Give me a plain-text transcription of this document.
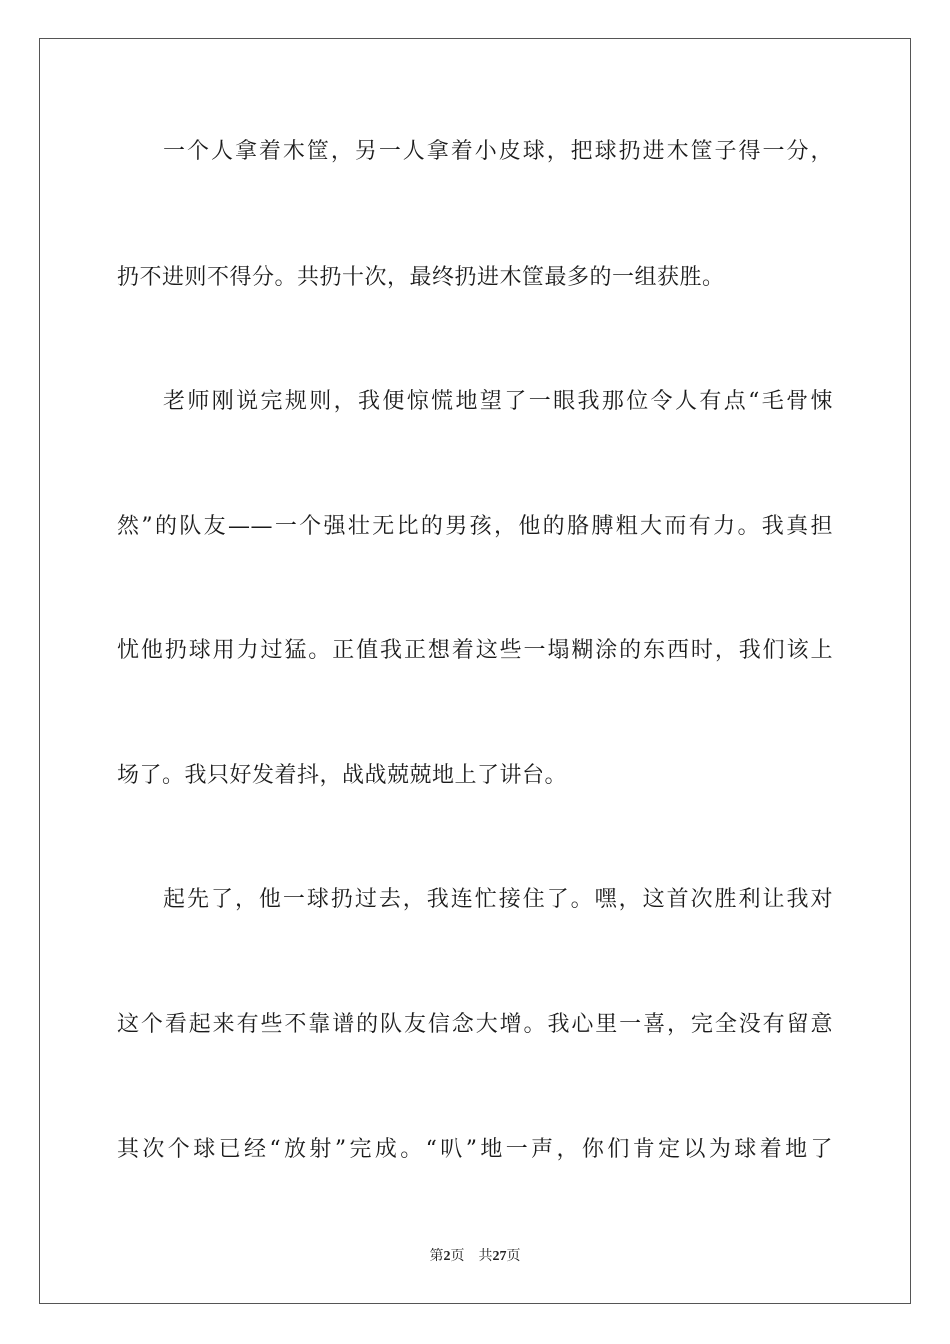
一个人拿着木筐，另一人拿着小皮球，把球扔进木筐子得一分，
扔不进则不得分。共扔十次，最终扔进木筐最多的一组获胜。
老师刚说完规则，我便惊慌地望了一眼我那位令人有点“毛骨悚
然”的队友——一个强壮无比的男孩，他的胳膊粗大而有力。我真担
忧他扔球用力过猛。正值我正想着这些一塌糊涂的东西时，我们该上
场了。我只好发着抖，战战兢兢地上了讲台。
起先了，他一球扔过去，我连忙接住了。嘿，这首次胜利让我对
这个看起来有些不靠谱的队友信念大增。我心里一喜，完全没有留意
其次个球已经“放射”完成。“叭”地一声，你们肯定以为球着地了
第2页 共27页
